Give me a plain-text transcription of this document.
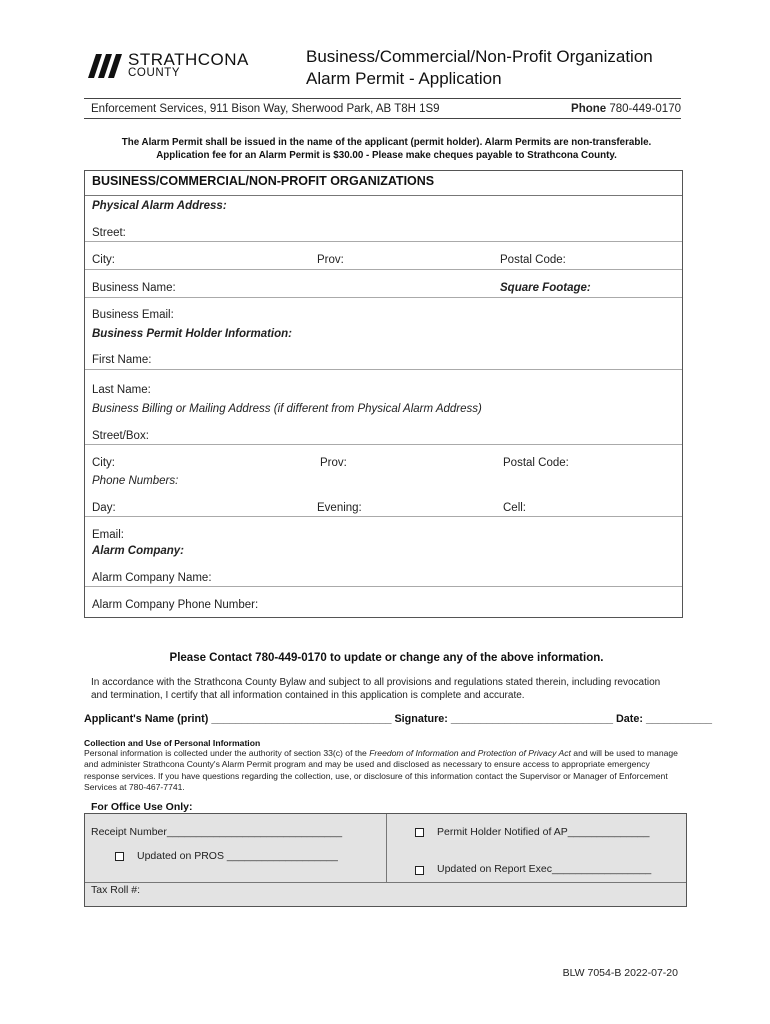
STRATHCONA
COUNTY
Business/Commercial/Non-Profit Organization
Alarm Permit - Application
Enforcement Services, 911 Bison Way, Sherwood Park, AB T8H 1S9	Phone 780-449-0170
The Alarm Permit shall be issued in the name of the applicant (permit holder). Alarm Permits are non-transferable.
Application fee for an Alarm Permit is $30.00 - Please make cheques payable to Strathcona County.
BUSINESS/COMMERCIAL/NON-PROFIT ORGANIZATIONS
Physical Alarm Address:
Street:
City:	Prov:	Postal Code:
Business Name:	Square Footage:
Business Email:
Business Permit Holder Information:
First Name:
Last Name:
Business Billing or Mailing Address (if different from Physical Alarm Address)
Street/Box:
City:	Prov:	Postal Code:
Phone Numbers:
Day:	Evening:	Cell:
Email:
Alarm Company:
Alarm Company Name:
Alarm Company Phone Number:
Please Contact 780-449-0170 to update or change any of the above information.
In accordance with the Strathcona County Bylaw and subject to all provisions and regulations stated therein, including revocation
and termination, I certify that all information contained in this application is complete and accurate.
Applicant's Name (print) ______________________________ Signature: ___________________________ Date: ___________
Collection and Use of Personal Information
Personal information is collected under the authority of section 33(c) of the Freedom of Information and Protection of Privacy Act and will be used to manage and administer Strathcona County's Alarm Permit program and may be used and disclosed as necessary to ensure access to appropriate emergency response services. If you have questions regarding the collection, use, or disclosure of this information contact the Supervisor or Manager of Enforcement Services at 780-467-7741.
For Office Use Only:
Receipt Number______________________________
Updated on PROS ___________________
Permit Holder Notified of AP______________
Updated on Report Exec_________________
Tax Roll #:
BLW 7054-B 2022-07-20
